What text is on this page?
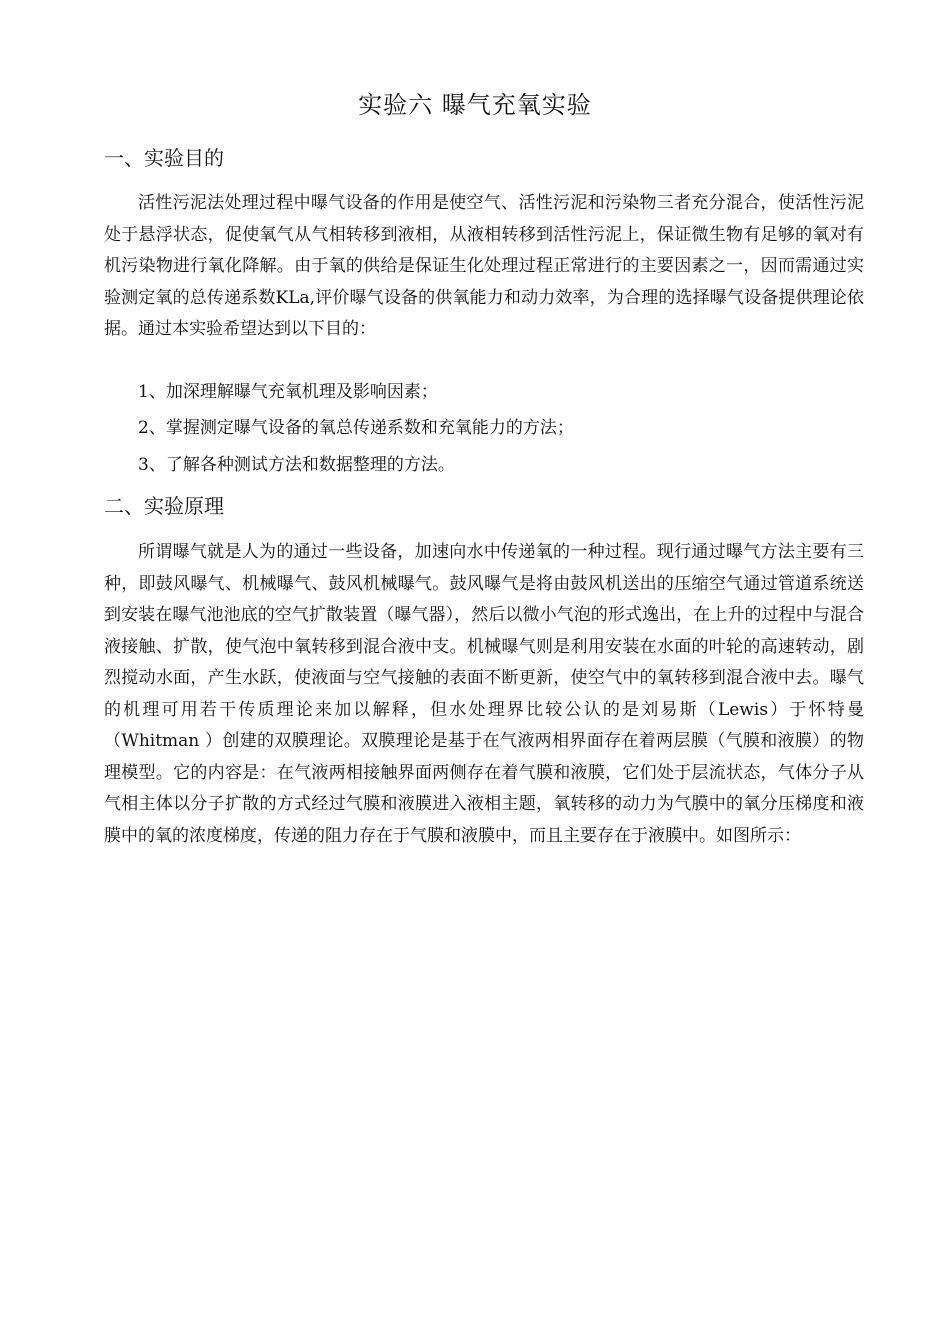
实验六 曝气充氧实验
一、实验目的

活性污泥法处理过程中曝气设备的作用是使空气、活性污泥和污染物三者充分混合，使活性污泥处于悬浮状态，促使氧气从气相转移到液相，从液相转移到活性污泥上，保证微生物有足够的氧对有机污染物进行氧化降解。由于氧的供给是保证生化处理过程正常进行的主要因素之一，因而需通过实验测定氧的总传递系数KLa,评价曝气设备的供氧能力和动力效率，为合理的选择曝气设备提供理论依据。通过本实验希望达到以下目的：

1、加深理解曝气充氧机理及影响因素；
2、掌握测定曝气设备的氧总传递系数和充氧能力的方法；
3、了解各种测试方法和数据整理的方法。
二、实验原理

所谓曝气就是人为的通过一些设备，加速向水中传递氧的一种过程。现行通过曝气方法主要有三种，即鼓风曝气、机械曝气、鼓风机械曝气。鼓风曝气是将由鼓风机送出的压缩空气通过管道系统送到安装在曝气池池底的空气扩散装置（曝气器），然后以微小气泡的形式逸出，在上升的过程中与混合液接触、扩散，使气泡中氧转移到混合液中支。机械曝气则是利用安装在水面的叶轮的高速转动，剧烈搅动水面，产生水跃，使液面与空气接触的表面不断更新，使空气中的氧转移到混合液中去。曝气的机理可用若干传质理论来加以解释，但水处理界比较公认的是刘易斯（Lewis）于怀特曼（Whitman ）创建的双膜理论。双膜理论是基于在气液两相界面存在着两层膜（气膜和液膜）的物理模型。它的内容是：在气液两相接触界面两侧存在着气膜和液膜，它们处于层流状态，气体分子从气相主体以分子扩散的方式经过气膜和液膜进入液相主题，氧转移的动力为气膜中的氧分压梯度和液膜中的氧的浓度梯度，传递的阻力存在于气膜和液膜中，而且主要存在于液膜中。如图所示：
